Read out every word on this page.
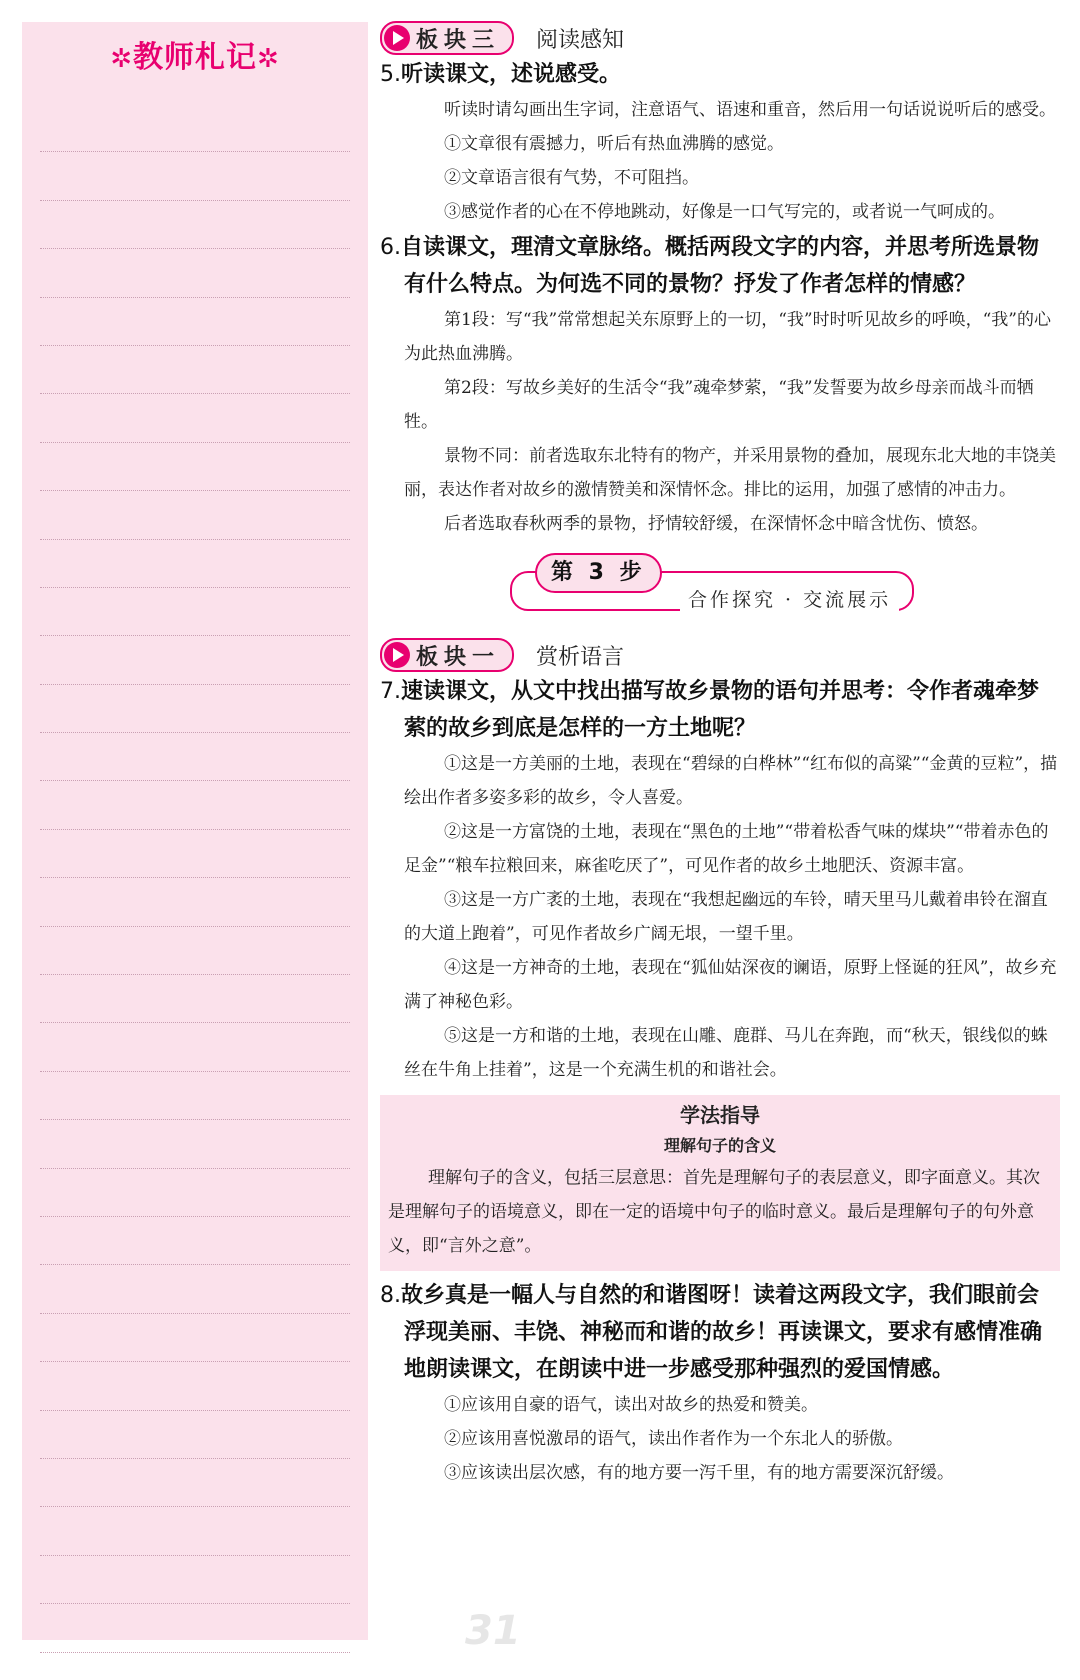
✲教师札记✲
板块三 阅读感知
5.听读课文，述说感受。
听读时请勾画出生字词，注意语气、语速和重音，然后用一句话说说听后的感受。
①文章很有震撼力，听后有热血沸腾的感觉。
②文章语言很有气势，不可阻挡。
③感觉作者的心在不停地跳动，好像是一口气写完的，或者说一气呵成的。
6.自读课文，理清文章脉络。概括两段文字的内容，并思考所选景物有什么特点。为何选不同的景物？抒发了作者怎样的情感？
第1段：写“我”常常想起关东原野上的一切，“我”时时听见故乡的呼唤，“我”的心为此热血沸腾。
第2段：写故乡美好的生活令“我”魂牵梦萦，“我”发誓要为故乡母亲而战斗而牺牲。
景物不同：前者选取东北特有的物产，并采用景物的叠加，展现东北大地的丰饶美丽，表达作者对故乡的激情赞美和深情怀念。排比的运用，加强了感情的冲击力。
后者选取春秋两季的景物，抒情较舒缓，在深情怀念中暗含忧伤、愤怒。
第 3 步
合作探究 · 交流展示
板块一 赏析语言
7.速读课文，从文中找出描写故乡景物的语句并思考：令作者魂牵梦萦的故乡到底是怎样的一方土地呢？
①这是一方美丽的土地，表现在“碧绿的白桦林”“红布似的高粱”“金黄的豆粒”，描绘出作者多姿多彩的故乡，令人喜爱。
②这是一方富饶的土地，表现在“黑色的土地”“带着松香气味的煤块”“带着赤色的足金”“粮车拉粮回来，麻雀吃厌了”，可见作者的故乡土地肥沃、资源丰富。
③这是一方广袤的土地，表现在“我想起幽远的车铃，晴天里马儿戴着串铃在溜直的大道上跑着”，可见作者故乡广阔无垠，一望千里。
④这是一方神奇的土地，表现在“狐仙姑深夜的谰语，原野上怪诞的狂风”，故乡充满了神秘色彩。
⑤这是一方和谐的土地，表现在山雕、鹿群、马儿在奔跑，而“秋天，银线似的蛛丝在牛角上挂着”，这是一个充满生机的和谐社会。
学法指导
理解句子的含义
理解句子的含义，包括三层意思：首先是理解句子的表层意义，即字面意义。其次是理解句子的语境意义，即在一定的语境中句子的临时意义。最后是理解句子的句外意义，即“言外之意”。
8.故乡真是一幅人与自然的和谐图呀！读着这两段文字，我们眼前会浮现美丽、丰饶、神秘而和谐的故乡！再读课文，要求有感情准确地朗读课文，在朗读中进一步感受那种强烈的爱国情感。
①应该用自豪的语气，读出对故乡的热爱和赞美。
②应该用喜悦激昂的语气，读出作者作为一个东北人的骄傲。
③应该读出层次感，有的地方要一泻千里，有的地方需要深沉舒缓。
31
